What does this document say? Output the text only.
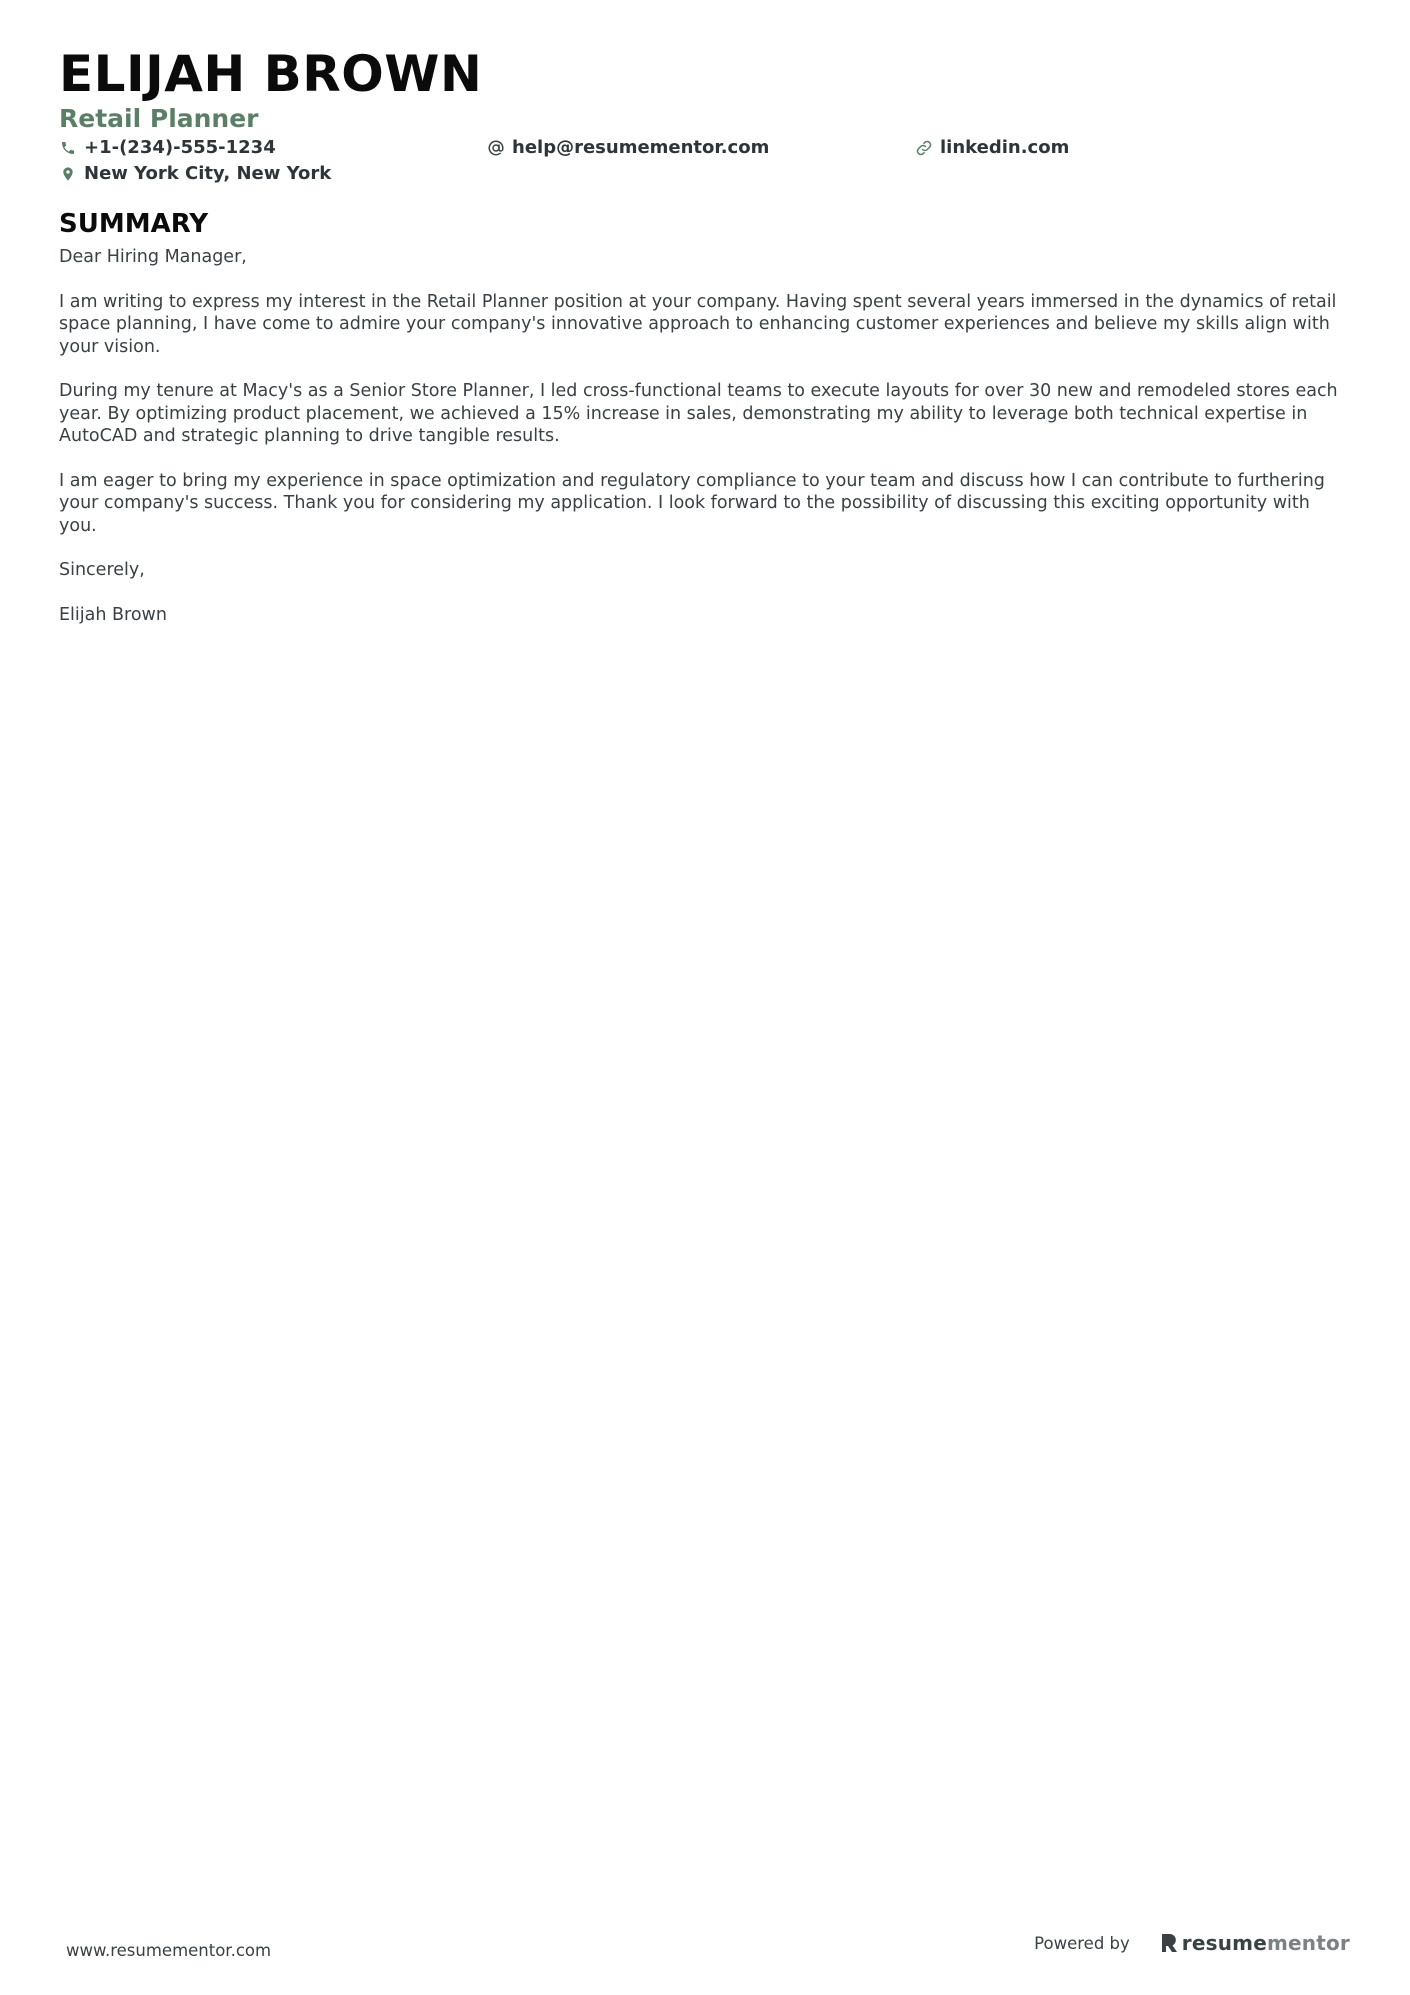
ELIJAH BROWN
Retail Planner
+1-(234)-555-1234	help@resumementor.com	linkedin.com
New York City, New York
SUMMARY

Dear Hiring Manager,

I am writing to express my interest in the Retail Planner position at your company. Having spent several years immersed in the dynamics of retail space planning, I have come to admire your company's innovative approach to enhancing customer experiences and believe my skills align with your vision.

During my tenure at Macy's as a Senior Store Planner, I led cross-functional teams to execute layouts for over 30 new and remodeled stores each year. By optimizing product placement, we achieved a 15% increase in sales, demonstrating my ability to leverage both technical expertise in AutoCAD and strategic planning to drive tangible results.

I am eager to bring my experience in space optimization and regulatory compliance to your team and discuss how I can contribute to furthering your company's success. Thank you for considering my application. I look forward to the possibility of discussing this exciting opportunity with you.

Sincerely,

Elijah Brown

www.resumementor.com	Powered by	resume mentor
